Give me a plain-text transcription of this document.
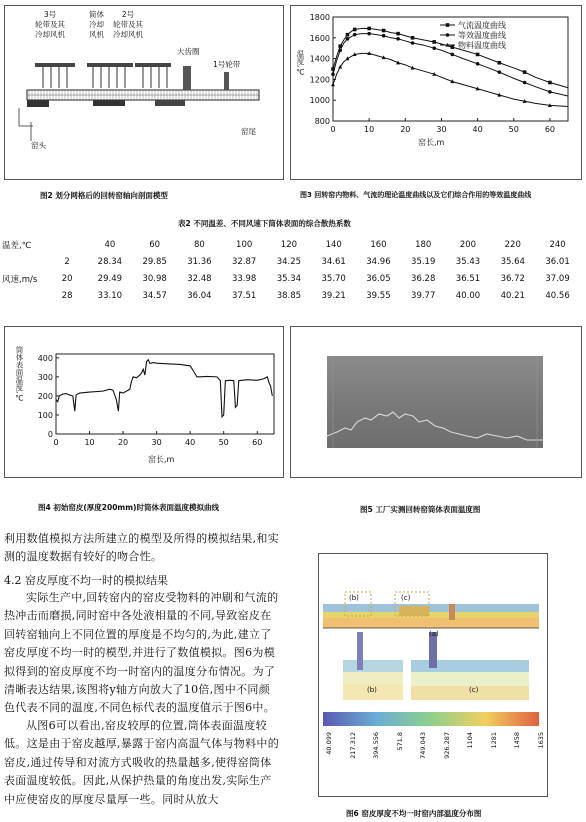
3号
轮带及其
冷却风机
简体
冷却
风机
2号
轮带及其
冷却风机
大齿圈
1号轮带
窑头
窑尾
图2 划分网格后的回转窑轴向剖面模型
800
1000
1200
1400
1600
1800
0	10	20	30	40	50	60
气流温度曲线
等效温度曲线
物料温度曲线
温度,℃
窑长,m
图3 回转窑内物料、气流的理论温度曲线以及它们综合作用的等效温度曲线
表2 不同温差、不同风速下筒体表面的综合散热系数
温差,℃		40	60	80	100	120	140	160	180	200	220	240
	2	28.34	29.85	31.36	32.87	34.25	34.61	34.96	35.19	35.43	35.64	36.01
风速,m/s	20	29.49	30.98	32.48	33.98	35.34	35.70	36.05	36.28	36.51	36.72	37.09
	28	33.10	34.57	36.04	37.51	38.85	39.21	39.55	39.77	40.00	40.21	40.56
0
100
200
300
400
0	10	20	30	40	50	60
筒体表面温度,℃
窑长,m
图4 初始窑皮(厚度200mm)时筒体表面温度模拟曲线	图5 工厂实测回转窑筒体表面温度图

利用数值模拟方法所建立的模型及所得的模拟结果,和实测的温度数据有较好的吻合性。

4.2 窑皮厚度不均一时的模拟结果

实际生产中,回转窑内的窑皮受物料的冲刷和气流的热冲击而磨损,同时窑中各处液相量的不同,导致窑皮在回转窑轴向上不同位置的厚度是不均匀的,为此,建立了窑皮厚度不均一时的模型,并进行了数值模拟。图6为模拟得到的窑皮厚度不均一时窑内的温度分布情况。为了清晰表达结果,该图将y轴方向放大了10倍,图中不同颜色代表不同的温度,不同色标代表的温度值示于图6中。

从图6可以看出,窑皮较厚的位置,筒体表面温度较低。这是由于窑皮越厚,暴露于窑内高温气体与物料中的窑皮,通过传导和对流方式吸收的热量越多,使得窑筒体表面温度较低。因此,从保护热量的角度出发,实际生产中应使窑皮的厚度尽量厚一些。同时从放大

(b)	(c)
(a)
(b)	(c)
40.099 217.312 394.556 571.8 749.043 926.287 1104 1281 1458 1635
图6 窑皮厚度不均一时窑内部温度分布图
